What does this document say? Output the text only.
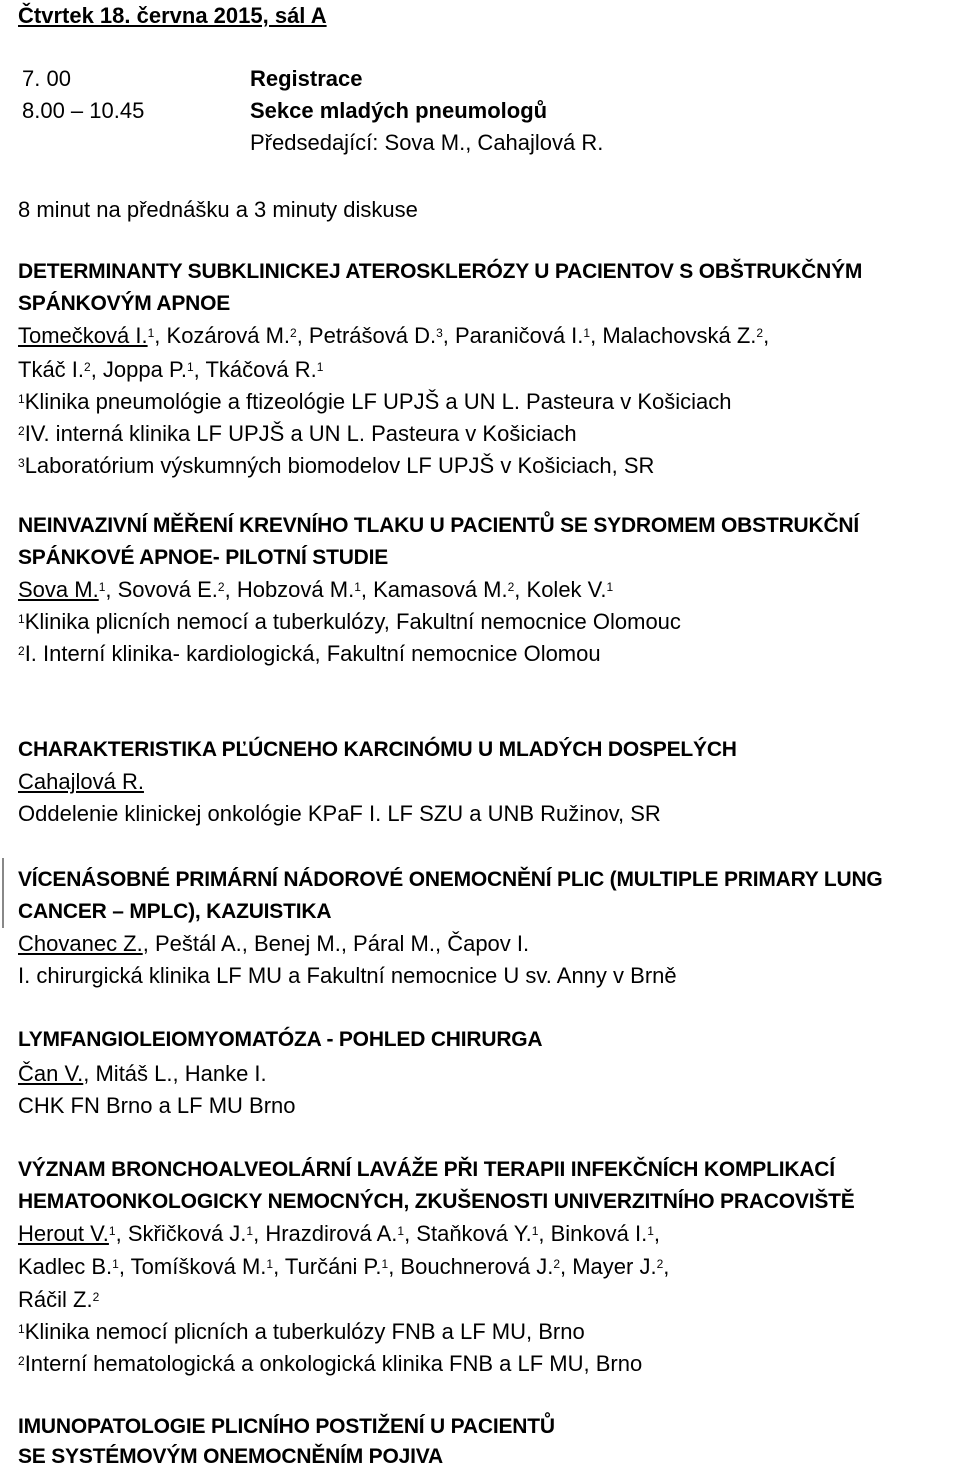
Čtvrtek 18. června 2015, sál A
7. 00	Registrace
8.00 – 10.45	Sekce mladých pneumologů
Předsedající: Sova M., Cahajlová R.
8 minut na přednášku a 3 minuty diskuse
DETERMINANTY SUBKLINICKEJ ATEROSKLERÓZY U PACIENTOV S OBŠTRUKČNÝM
SPÁNKOVÝM APNOE
Tomečková I.$^1$, Kozárová M.$^2$, Petrášová D.$^3$, Paraničová I.$^1$, Malachovská Z.$^2$,
Tkáč I.$^2$, Joppa P.$^1$, Tkáčová R.$^1$
$^1$Klinika pneumológie a ftizeológie LF UPJŠ a UN L. Pasteura v Košiciach
$^2$IV. interná klinika LF UPJŠ a UN L. Pasteura v Košiciach
$^3$Laboratórium výskumných biomodelov LF UPJŠ v Košiciach, SR
NEINVAZIVNÍ MĚŘENÍ KREVNÍHO TLAKU U PACIENTŮ SE SYDROMEM OBSTRUKČNÍ
SPÁNKOVÉ APNOE- PILOTNÍ STUDIE
Sova M.$^1$, Sovová E.$^2$, Hobzová M.$^1$, Kamasová M.$^2$, Kolek V.$^1$
$^1$Klinika plicních nemocí a tuberkulózy, Fakultní nemocnice Olomouc
$^2$I. Interní klinika- kardiologická, Fakultní nemocnice Olomou
CHARAKTERISTIKA PĽÚCNEHO KARCINÓMU U MLADÝCH DOSPELÝCH
Cahajlová R.
Oddelenie klinickej onkológie KPaF I. LF SZU a UNB Ružinov, SR
VÍCENÁSOBNÉ PRIMÁRNÍ NÁDOROVÉ ONEMOCNĚNÍ PLIC (MULTIPLE PRIMARY LUNG
CANCER – MPLC), KAZUISTIKA
Chovanec Z., Peštál A., Benej M., Páral M., Čapov I.
I. chirurgická klinika LF MU a Fakultní nemocnice U sv. Anny v Brně
LYMFANGIOLEIOMYOMATÓZA - POHLED CHIRURGA
Čan V., Mitáš L., Hanke I.
CHK FN Brno a LF MU Brno
VÝZNAM BRONCHOALVEOLÁRNÍ LAVÁŽE PŘI TERAPII INFEKČNÍCH KOMPLIKACÍ
HEMATOONKOLOGICKY NEMOCNÝCH, ZKUŠENOSTI UNIVERZITNÍHO PRACOVIŠTĚ
Herout V.$^1$, Skřičková J.$^1$, Hrazdirová A.$^1$, Staňková Y.$^1$, Binková I.$^1$,
Kadlec B.$^1$, Tomíšková M.$^1$, Turčáni P.$^1$, Bouchnerová J.$^2$, Mayer J.$^2$,
Ráčil Z.$^2$
$^1$Klinika nemocí plicních a tuberkulózy FNB a LF MU, Brno
$^2$Interní hematologická a onkologická klinika FNB a LF MU, Brno
IMUNOPATOLOGIE PLICNÍHO POSTIŽENÍ U PACIENTŮ
SE SYSTÉMOVÝM ONEMOCNĚNÍM POJIVA
